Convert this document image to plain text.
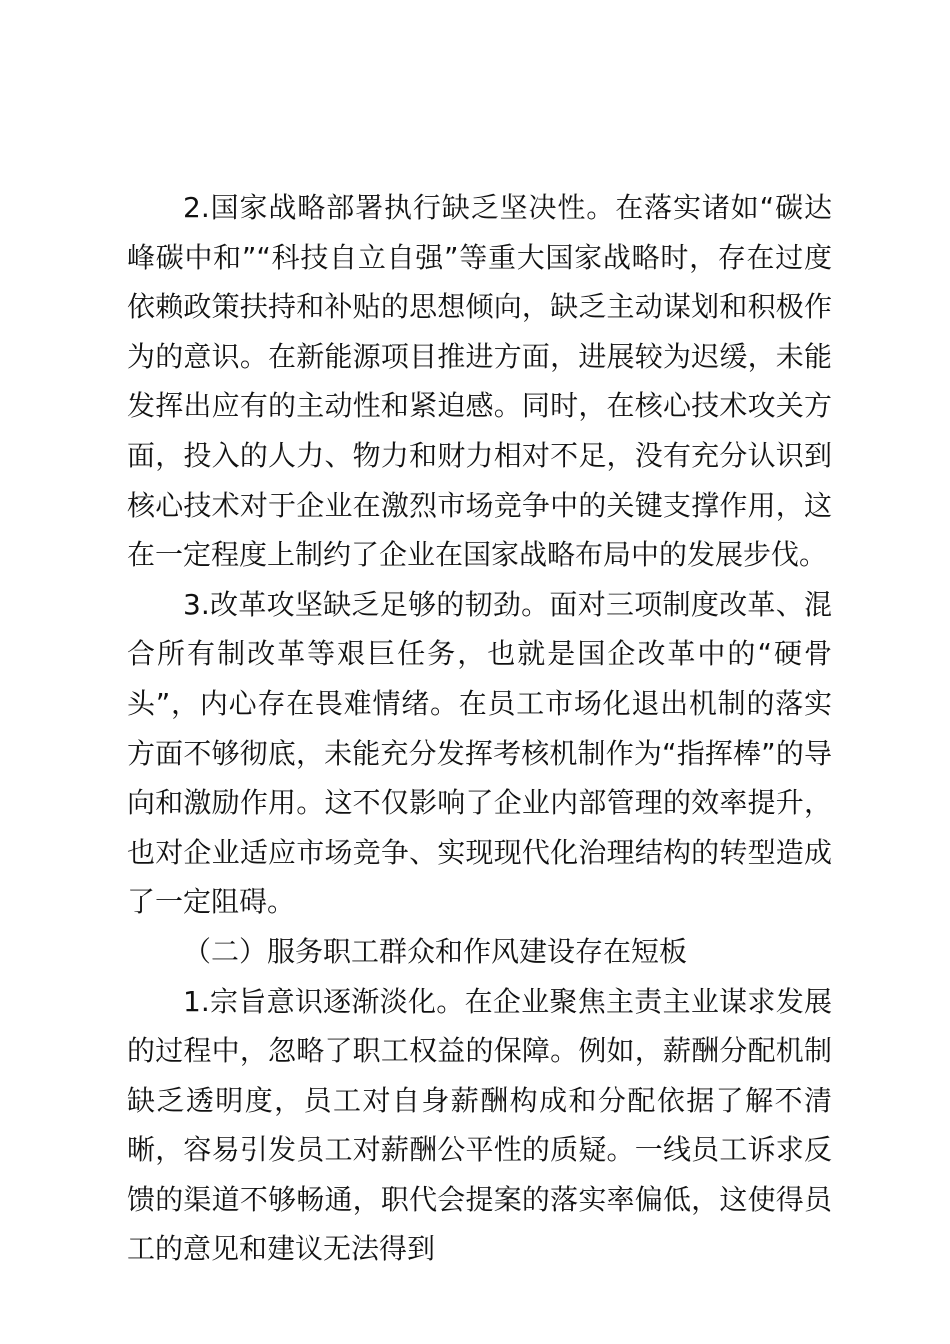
2.国家战略部署执行缺乏坚决性。在落实诸如“碳达峰碳中和”“科技自立自强”等重大国家战略时，存在过度依赖政策扶持和补贴的思想倾向，缺乏主动谋划和积极作为的意识。在新能源项目推进方面，进展较为迟缓，未能发挥出应有的主动性和紧迫感。同时，在核心技术攻关方面，投入的人力、物力和财力相对不足，没有充分认识到核心技术对于企业在激烈市场竞争中的关键支撑作用，这在一定程度上制约了企业在国家战略布局中的发展步伐。

3.改革攻坚缺乏足够的韧劲。面对三项制度改革、混合所有制改革等艰巨任务，也就是国企改革中的“硬骨头”，内心存在畏难情绪。在员工市场化退出机制的落实方面不够彻底，未能充分发挥考核机制作为“指挥棒”的导向和激励作用。这不仅影响了企业内部管理的效率提升，也对企业适应市场竞争、实现现代化治理结构的转型造成了一定阻碍。

（二）服务职工群众和作风建设存在短板

1.宗旨意识逐渐淡化。在企业聚焦主责主业谋求发展的过程中，忽略了职工权益的保障。例如，薪酬分配机制缺乏透明度，员工对自身薪酬构成和分配依据了解不清晰，容易引发员工对薪酬公平性的质疑。一线员工诉求反馈的渠道不够畅通，职代会提案的落实率偏低，这使得员工的意见和建议无法得到
